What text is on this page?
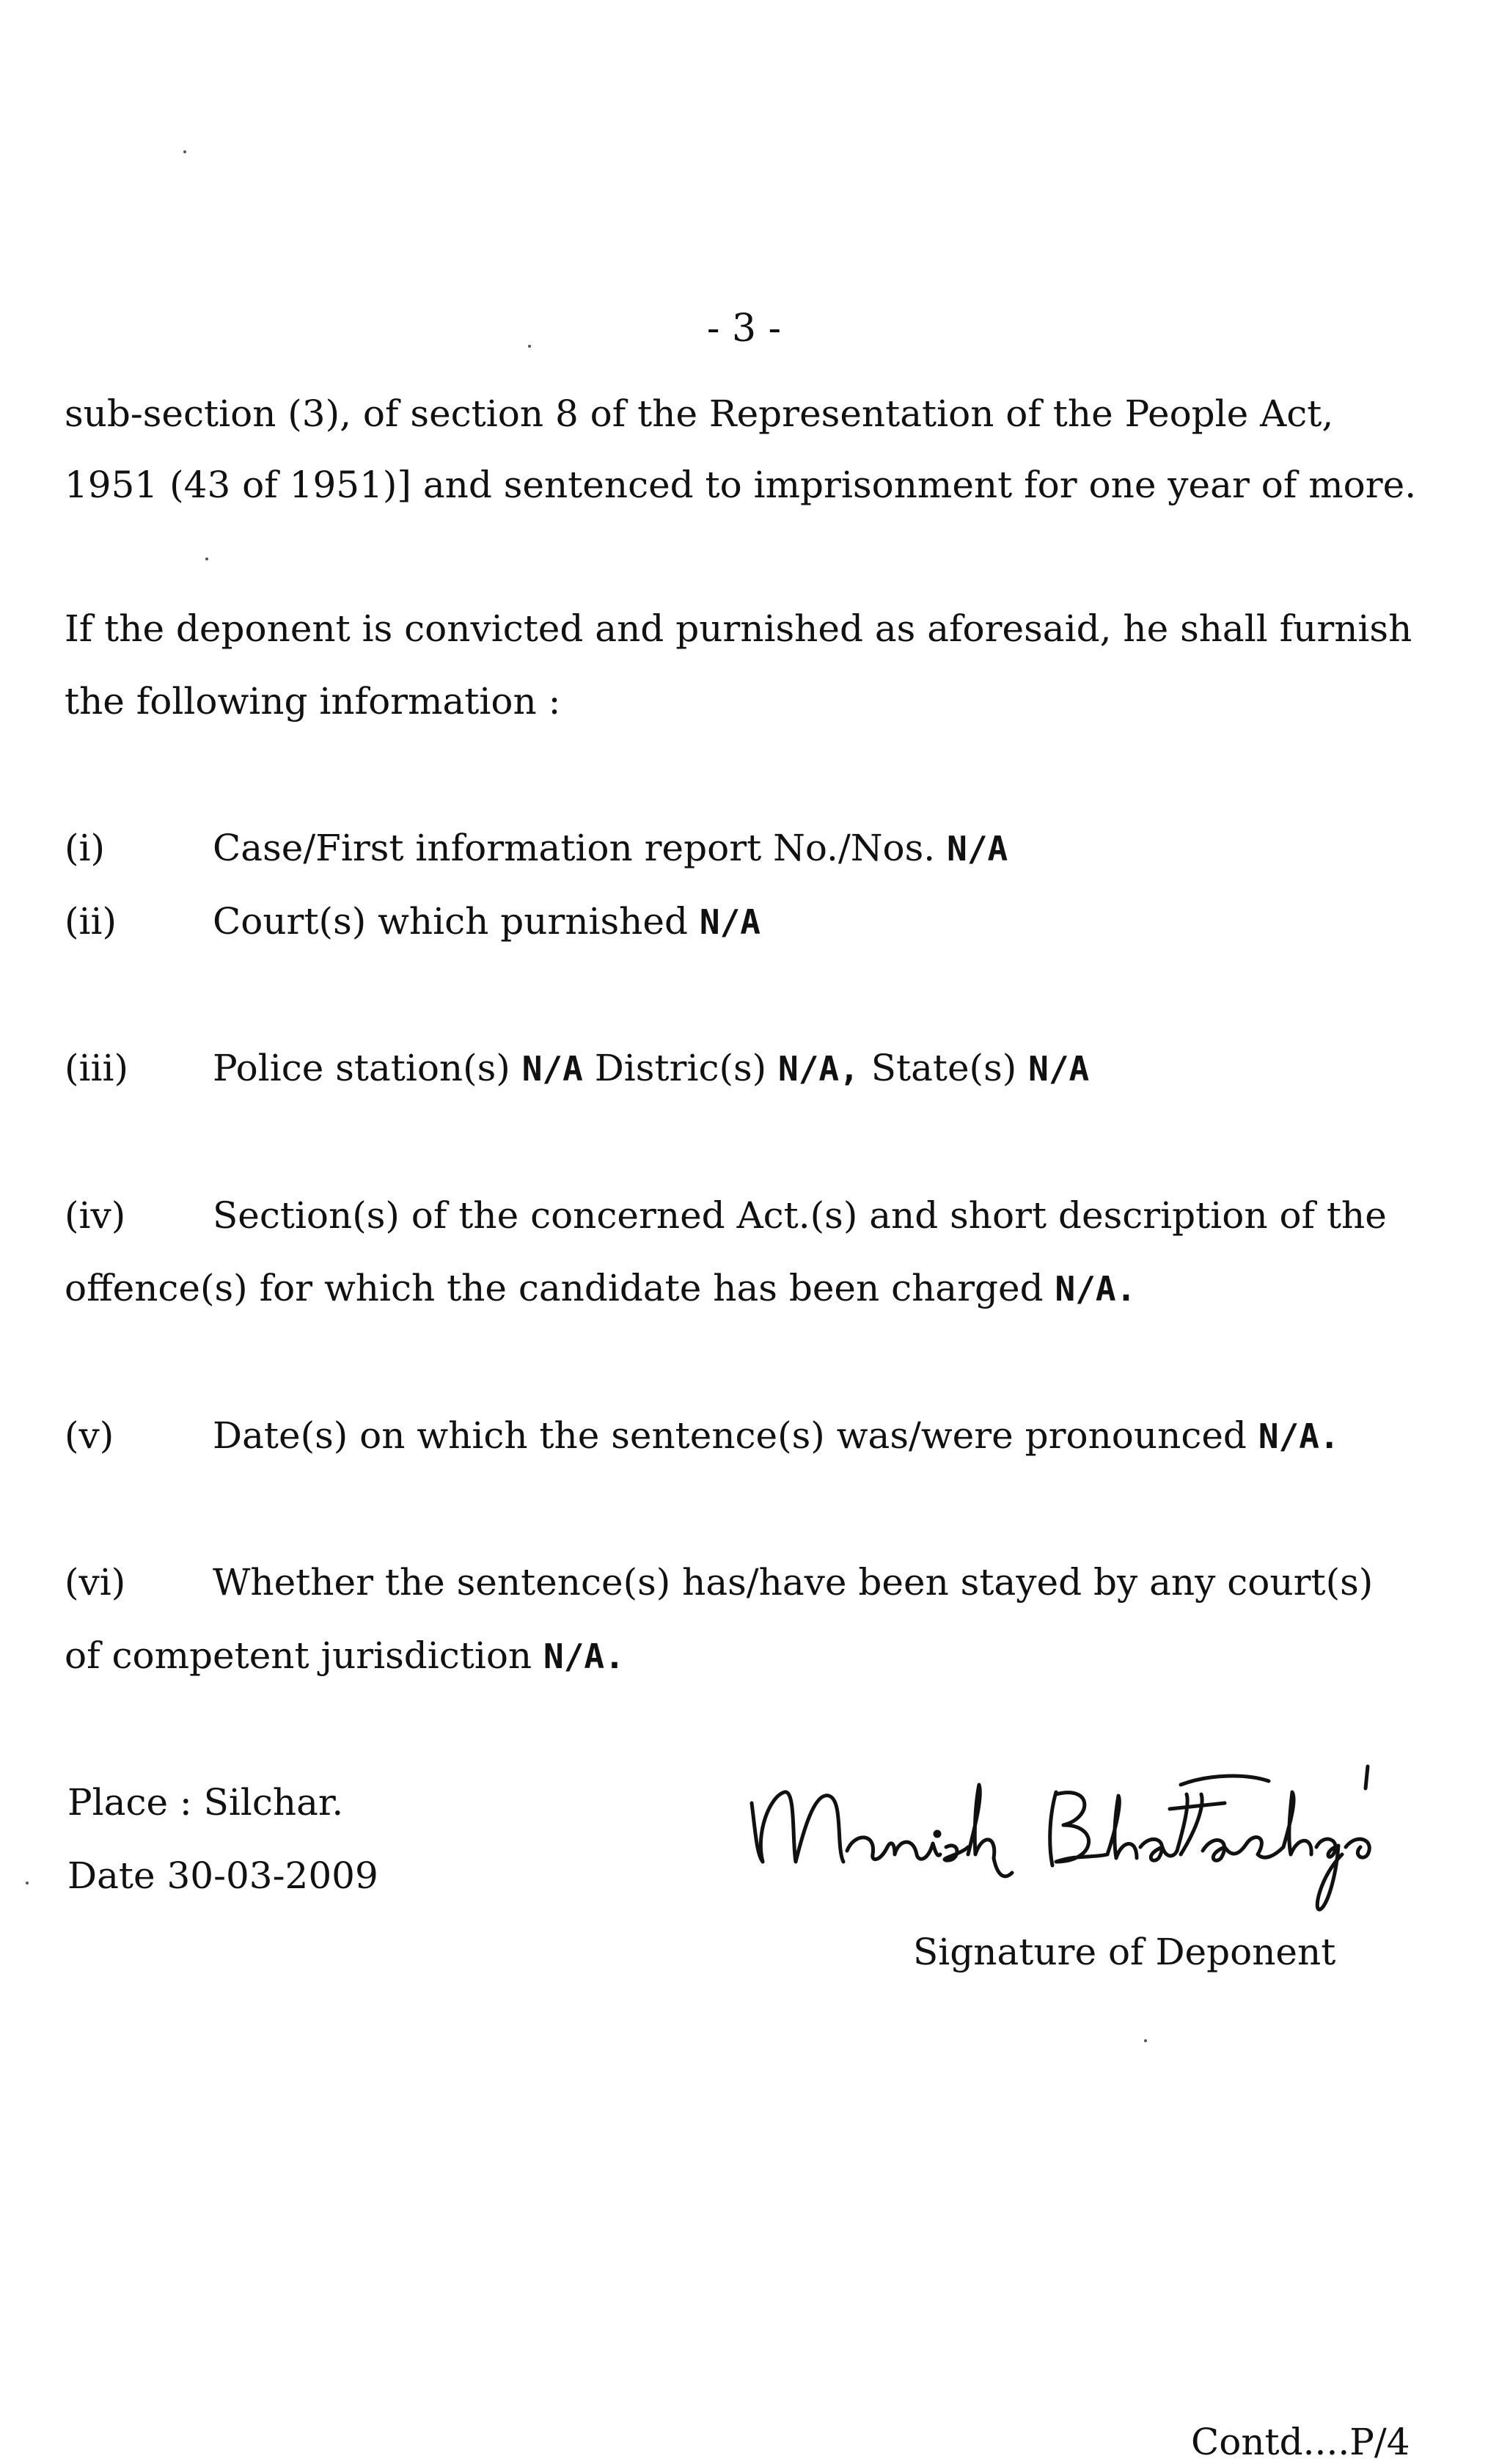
- 3 -
sub-section (3), of section 8 of the Representation of the People Act,
1951 (43 of 1951)] and sentenced to imprisonment for one year of more.
If the deponent is convicted and purnished as aforesaid, he shall furnish
the following information :
(i)	Case/First information report No./Nos. N/A
(ii)	Court(s) which purnished N/A
(iii) Police station(s) N/A Distric(s) N/A, State(s) N/A
(iv) Section(s) of the concerned Act.(s) and short description of the
offence(s) for which the candidate has been charged N/A.
(v)	Date(s) on which the sentence(s) was/were pronounced N/A.
(vi) Whether the sentence(s) has/have been stayed by any court(s)
of competent jurisdiction N/A.
Place : Silchar.
Date 30-03-2009
Signature of Deponent
Contd....P/4
